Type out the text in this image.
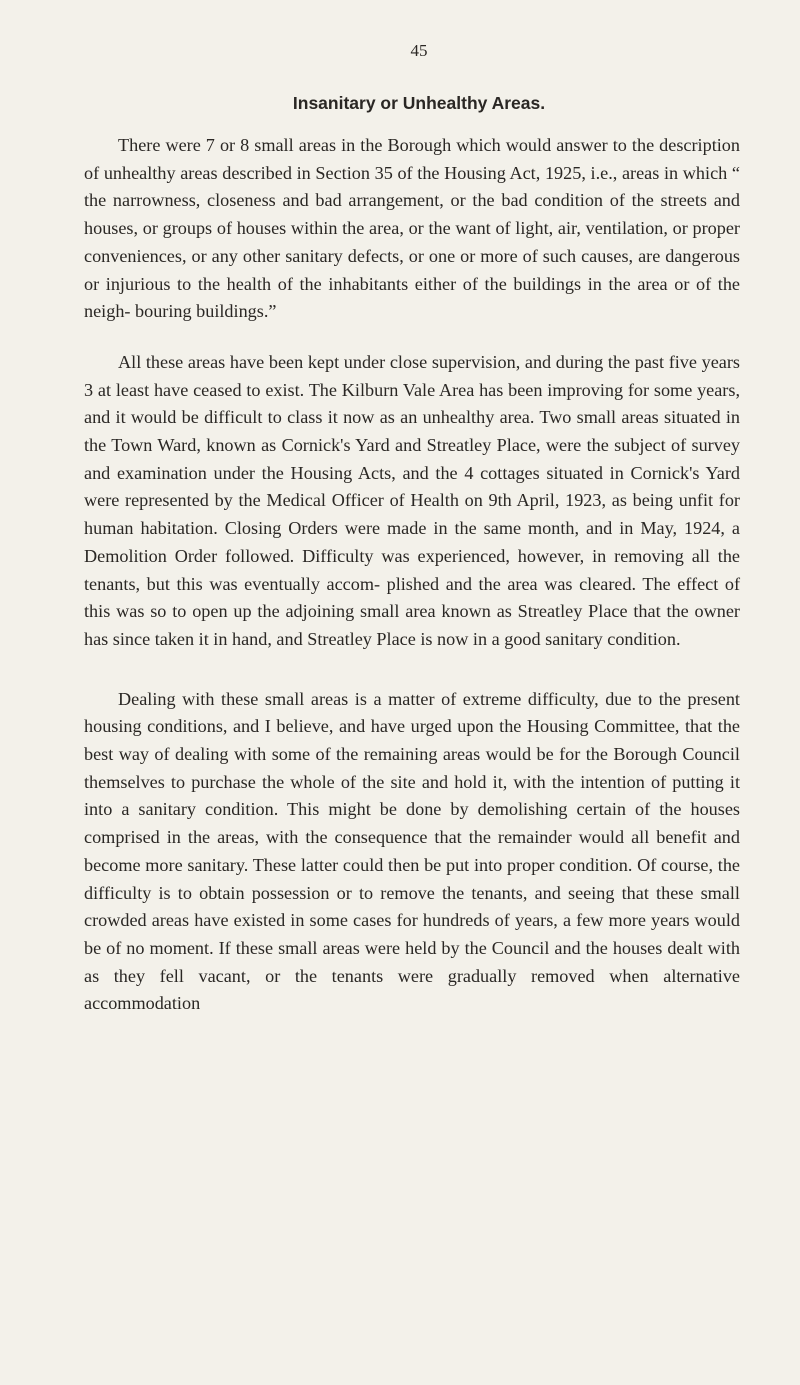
45
Insanitary or Unhealthy Areas.

There were 7 or 8 small areas in the Borough which would answer to the description of unhealthy areas described in Section 35 of the Housing Act, 1925, i.e., areas in which “ the narrowness, closeness and bad arrangement, or the bad condition of the streets and houses, or groups of houses within the area, or the want of light, air, ventilation, or proper conveniences, or any other sanitary defects, or one or more of such causes, are dangerous or injurious to the health of the inhabitants either of the buildings in the area or of the neigh- bouring buildings.”

All these areas have been kept under close supervision, and during the past five years 3 at least have ceased to exist. The Kilburn Vale Area has been improving for some years, and it would be difficult to class it now as an unhealthy area. Two small areas situated in the Town Ward, known as Cornick's Yard and Streatley Place, were the subject of survey and examination under the Housing Acts, and the 4 cottages situated in Cornick's Yard were represented by the Medical Officer of Health on 9th April, 1923, as being unfit for human habitation. Closing Orders were made in the same month, and in May, 1924, a Demolition Order followed. Difficulty was experienced, however, in removing all the tenants, but this was eventually accom- plished and the area was cleared. The effect of this was so to open up the adjoining small area known as Streatley Place that the owner has since taken it in hand, and Streatley Place is now in a good sanitary condition.

Dealing with these small areas is a matter of extreme difficulty, due to the present housing conditions, and I believe, and have urged upon the Housing Committee, that the best way of dealing with some of the remaining areas would be for the Borough Council themselves to purchase the whole of the site and hold it, with the intention of putting it into a sanitary condition. This might be done by demolishing certain of the houses comprised in the areas, with the consequence that the remainder would all benefit and become more sanitary. These latter could then be put into proper condition. Of course, the difficulty is to obtain possession or to remove the tenants, and seeing that these small crowded areas have existed in some cases for hundreds of years, a few more years would be of no moment. If these small areas were held by the Council and the houses dealt with as they fell vacant, or the tenants were gradually removed when alternative accommodation
